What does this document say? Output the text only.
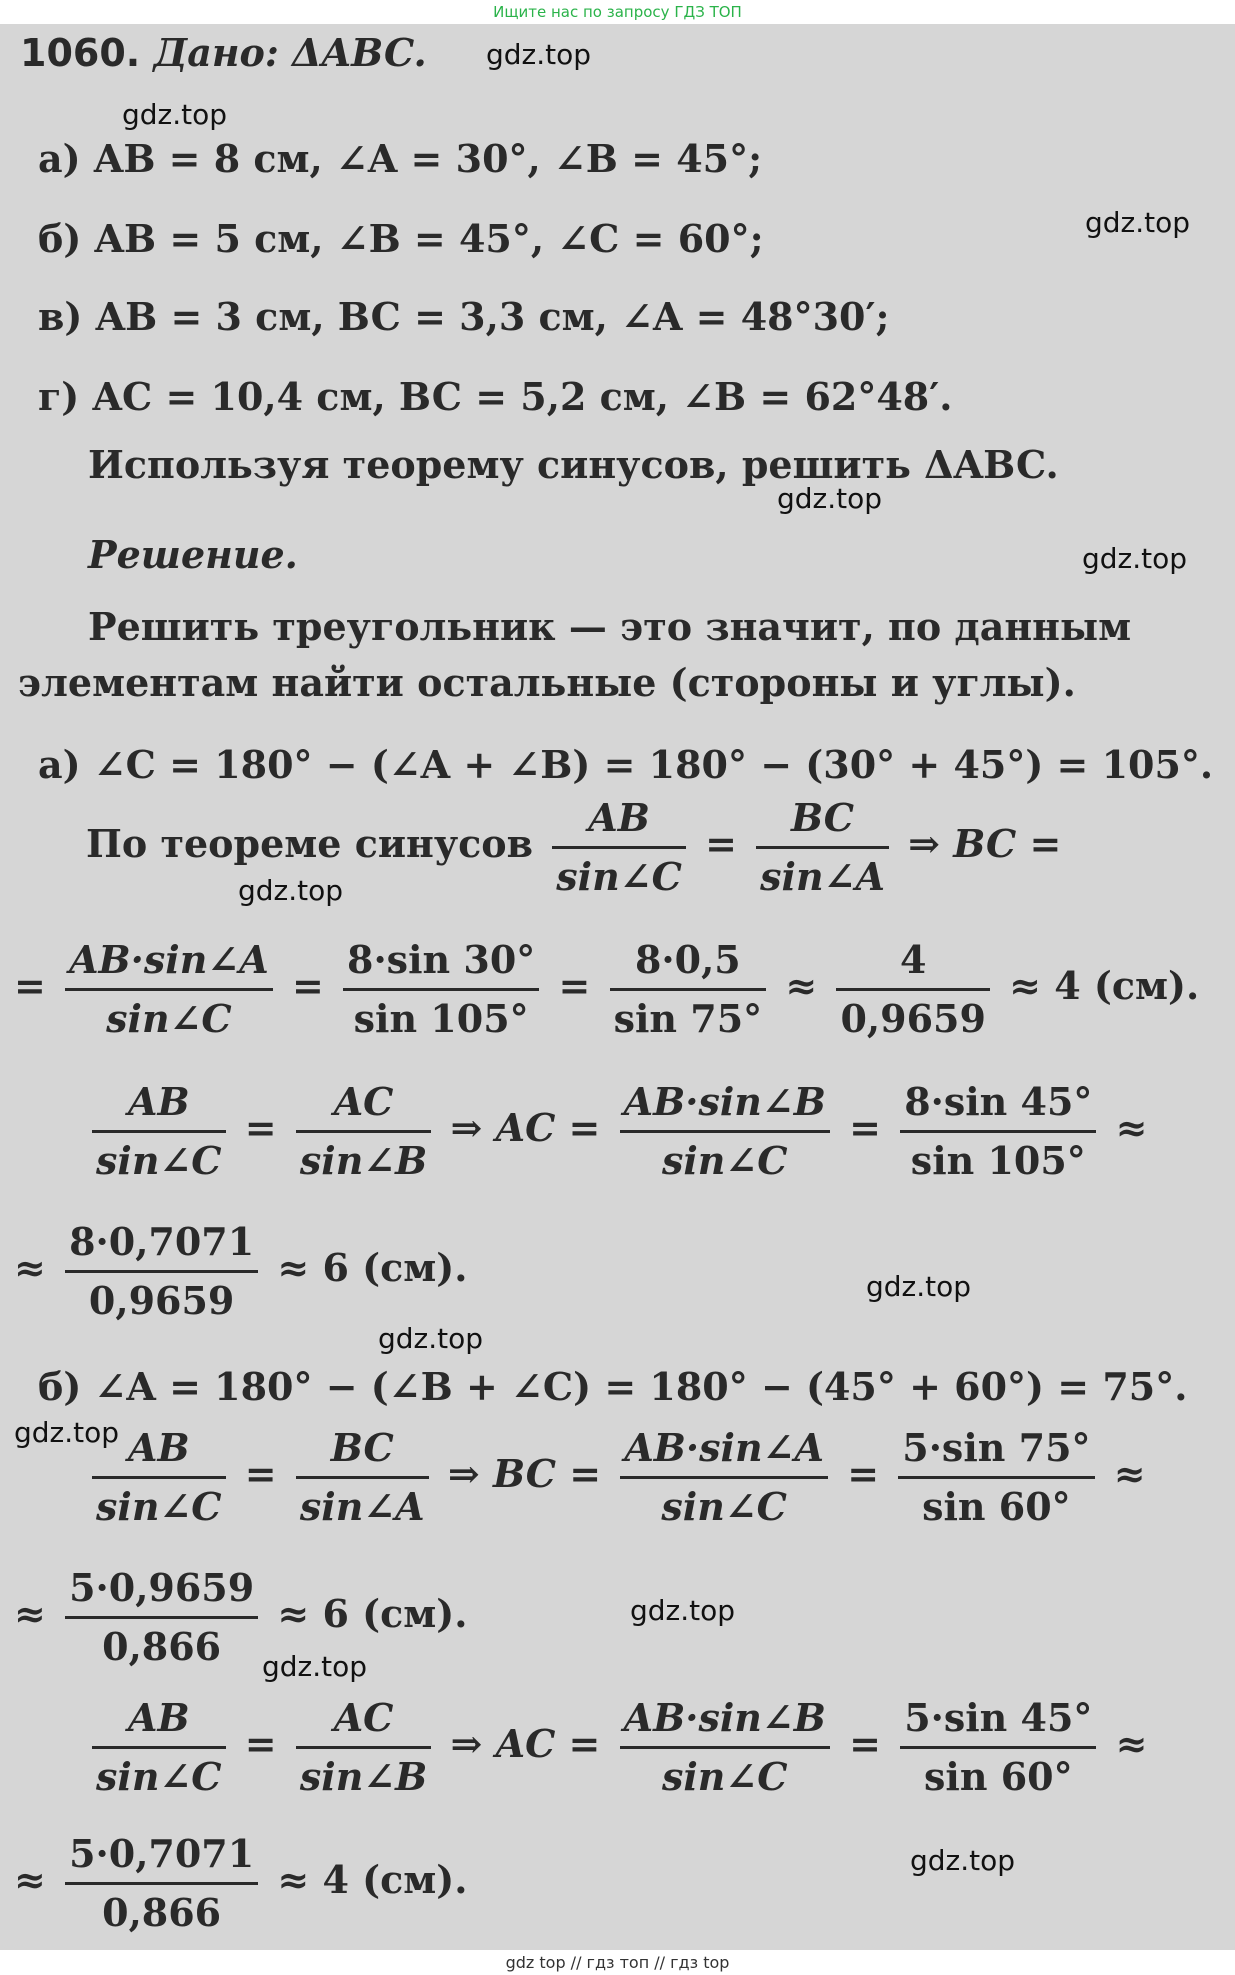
Ищите нас по запросу ГДЗ ТОП
1060. Дано: ΔABC.
а) AB = 8 см, ∠A = 30°, ∠B = 45°;
б) AB = 5 см, ∠B = 45°, ∠C = 60°;
в) AB = 3 см, BC = 3,3 см, ∠A = 48°30′;
г) AC = 10,4 см, BC = 5,2 см, ∠B = 62°48′.
Используя теорему синусов, решить ΔABC.
Решение.
Решить треугольник — это значит, по данным
элементам найти остальные (стороны и углы).
а) ∠C = 180° − (∠A + ∠B) = 180° − (30° + 45°) = 105°.
По теореме синусов $\frac{AB}{\sin\angle C} = \frac{BC}{\sin\angle A}$ ⇒ BC =
= $\frac{AB\cdot\sin\angle A}{\sin\angle C} = \frac{8\cdot\sin 30^\circ}{\sin 105^\circ} = \frac{8\cdot 0,5}{\sin 75^\circ} \approx \frac{4}{0,9659} \approx 4$ (см).
$\frac{AB}{\sin\angle C} = \frac{AC}{\sin\angle B}$ ⇒ AC = $\frac{AB\cdot\sin\angle B}{\sin\angle C} = \frac{8\cdot\sin 45^\circ}{\sin 105^\circ}$ ≈
≈ $\frac{8\cdot 0,7071}{0,9659} \approx 6$ (см).
б) ∠A = 180° − (∠B + ∠C) = 180° − (45° + 60°) = 75°.
$\frac{AB}{\sin\angle C} = \frac{BC}{\sin\angle A}$ ⇒ BC = $\frac{AB\cdot\sin\angle A}{\sin\angle C} = \frac{5\cdot\sin 75^\circ}{\sin 60^\circ}$ ≈
≈ $\frac{5\cdot 0,9659}{0,866} \approx 6$ (см).
$\frac{AB}{\sin\angle C} = \frac{AC}{\sin\angle B}$ ⇒ AC = $\frac{AB\cdot\sin\angle B}{\sin\angle C} = \frac{5\cdot\sin 45^\circ}{\sin 60^\circ}$ ≈
≈ $\frac{5\cdot 0,7071}{0,866} \approx 4$ (см).
gdz.top
gdz.top
gdz.top
gdz.top
gdz.top
gdz.top
gdz.top
gdz.top
gdz.top
gdz.top
gdz.top
gdz.top
gdz top // гдз топ // гдз top
